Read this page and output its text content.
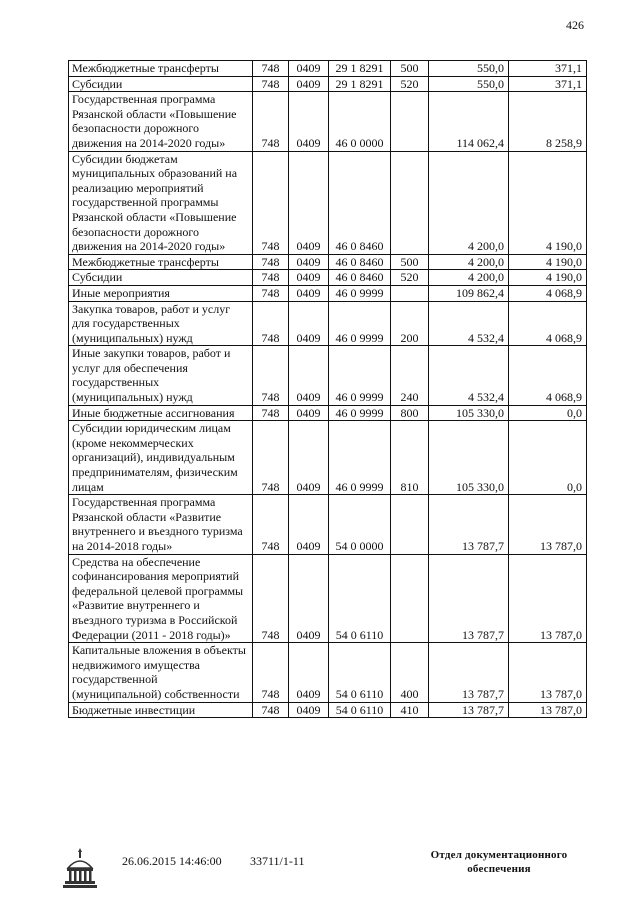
426
Межбюджетные трансферты	748	0409	29 1 8291	500	550,0	371,1
Субсидии	748	0409	29 1 8291	520	550,0	371,1
Государственная программа Рязанской области «Повышение безопасности дорожного движения на 2014-2020 годы»	748	0409	46 0 0000		114 062,4	8 258,9
Субсидии бюджетам муниципальных образований на реализацию мероприятий государственной программы Рязанской области «Повышение безопасности дорожного движения на 2014-2020 годы»	748	0409	46 0 8460		4 200,0	4 190,0
Межбюджетные трансферты	748	0409	46 0 8460	500	4 200,0	4 190,0
Субсидии	748	0409	46 0 8460	520	4 200,0	4 190,0
Иные мероприятия	748	0409	46 0 9999		109 862,4	4 068,9
Закупка товаров, работ и услуг для государственных (муниципальных) нужд	748	0409	46 0 9999	200	4 532,4	4 068,9
Иные закупки товаров, работ и услуг для обеспечения государственных (муниципальных) нужд	748	0409	46 0 9999	240	4 532,4	4 068,9
Иные бюджетные ассигнования	748	0409	46 0 9999	800	105 330,0	0,0
Субсидии юридическим лицам (кроме некоммерческих организаций), индивидуальным предпринимателям, физическим лицам	748	0409	46 0 9999	810	105 330,0	0,0
Государственная программа Рязанской области «Развитие внутреннего и въездного туризма на 2014-2018 годы»	748	0409	54 0 0000		13 787,7	13 787,0
Средства на обеспечение софинансирования мероприятий федеральной целевой программы «Развитие внутреннего и въездного туризма в Российской Федерации (2011 - 2018 годы)»	748	0409	54 0 6110		13 787,7	13 787,0
Капитальные вложения в объекты недвижимого имущества государственной (муниципальной) собственности	748	0409	54 0 6110	400	13 787,7	13 787,0
Бюджетные инвестиции	748	0409	54 0 6110	410	13 787,7	13 787,0
26.06.2015 14:46:00 33711/1-11	Отдел документационного обеспечения
